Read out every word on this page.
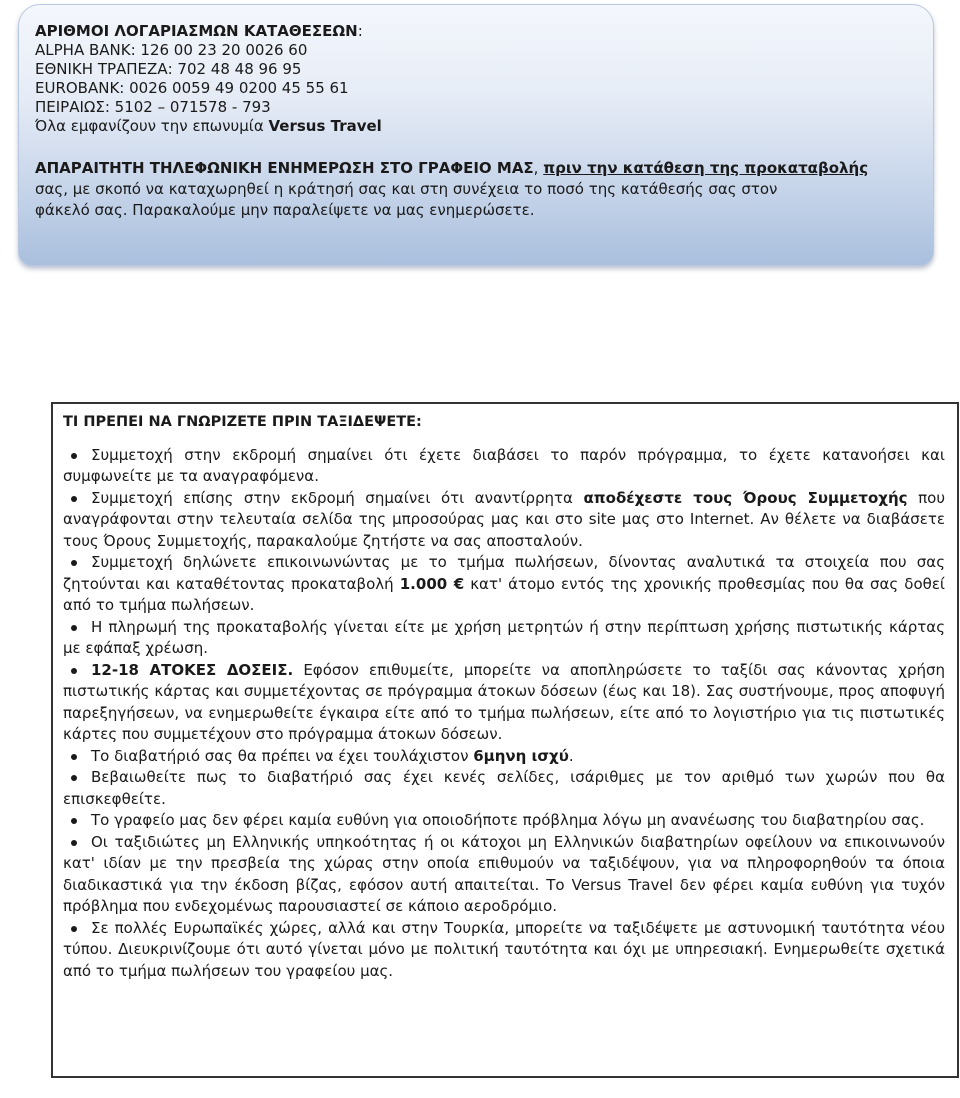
ΑΡΙΘΜΟΙ ΛΟΓΑΡΙΑΣΜΩΝ ΚΑΤΑΘΕΣΕΩΝ:
ALPHA BANK: 126 00 23 20 0026 60
ΕΘΝΙΚΗ ΤΡΑΠΕΖΑ: 702 48 48 96 95
EUROBANK: 0026 0059 49 0200 45 55 61
ΠΕΙΡΑΙΩΣ: 5102 – 071578 - 793
Όλα εμφανίζουν την επωνυμία Versus Travel
ΑΠΑΡΑΙΤΗΤΗ ΤΗΛΕΦΩΝΙΚΗ ΕΝΗΜΕΡΩΣΗ ΣΤΟ ΓΡΑΦΕΙΟ ΜΑΣ, πριν την κατάθεση της προκαταβολής
σας, με σκοπό να καταχωρηθεί η κράτησή σας και στη συνέχεια το ποσό της κατάθεσής σας στον
φάκελό σας. Παρακαλούμε μην παραλείψετε να μας ενημερώσετε.
ΤΙ ΠΡΕΠΕΙ ΝΑ ΓΝΩΡΙΖΕΤΕ ΠΡΙΝ ΤΑΞΙΔΕΨΕΤΕ:
Συμμετοχή στην εκδρομή σημαίνει ότι έχετε διαβάσει το παρόν πρόγραμμα, το έχετε κατανοήσει και συμφωνείτε με τα αναγραφόμενα.
Συμμετοχή επίσης στην εκδρομή σημαίνει ότι αναντίρρητα αποδέχεστε τους Όρους Συμμετοχής που αναγράφονται στην τελευταία σελίδα της μπροσούρας μας και στο site μας στο Internet. Αν θέλετε να διαβάσετε τους Όρους Συμμετοχής, παρακαλούμε ζητήστε να σας αποσταλούν.
Συμμετοχή δηλώνετε επικοινωνώντας με το τμήμα πωλήσεων, δίνοντας αναλυτικά τα στοιχεία που σας ζητούνται και καταθέτοντας προκαταβολή 1.000 € κατ' άτομο εντός της χρονικής προθεσμίας που θα σας δοθεί από το τμήμα πωλήσεων.
Η πληρωμή της προκαταβολής γίνεται είτε με χρήση μετρητών ή στην περίπτωση χρήσης πιστωτικής κάρτας με εφάπαξ χρέωση.
12-18 ΑΤΟΚΕΣ ΔΟΣΕΙΣ. Εφόσον επιθυμείτε, μπορείτε να αποπληρώσετε το ταξίδι σας κάνοντας χρήση πιστωτικής κάρτας και συμμετέχοντας σε πρόγραμμα άτοκων δόσεων (έως και 18). Σας συστήνουμε, προς αποφυγή παρεξηγήσεων, να ενημερωθείτε έγκαιρα είτε από το τμήμα πωλήσεων, είτε από το λογιστήριο για τις πιστωτικές κάρτες που συμμετέχουν στο πρόγραμμα άτοκων δόσεων.
Το διαβατήριό σας θα πρέπει να έχει τουλάχιστον 6μηνη ισχύ.
Βεβαιωθείτε πως το διαβατήριό σας έχει κενές σελίδες, ισάριθμες με τον αριθμό των χωρών που θα επισκεφθείτε.
Το γραφείο μας δεν φέρει καμία ευθύνη για οποιοδήποτε πρόβλημα λόγω μη ανανέωσης του διαβατηρίου σας.
Οι ταξιδιώτες μη Ελληνικής υπηκοότητας ή οι κάτοχοι μη Ελληνικών διαβατηρίων οφείλουν να επικοινωνούν κατ' ιδίαν με την πρεσβεία της χώρας στην οποία επιθυμούν να ταξιδέψουν, για να πληροφορηθούν τα όποια διαδικαστικά για την έκδοση βίζας, εφόσον αυτή απαιτείται. Το Versus Travel δεν φέρει καμία ευθύνη για τυχόν πρόβλημα που ενδεχομένως παρουσιαστεί σε κάποιο αεροδρόμιο.
Σε πολλές Ευρωπαϊκές χώρες, αλλά και στην Τουρκία, μπορείτε να ταξιδέψετε με αστυνομική ταυτότητα νέου τύπου. Διευκρινίζουμε ότι αυτό γίνεται μόνο με πολιτική ταυτότητα και όχι με υπηρεσιακή. Ενημερωθείτε σχετικά από το τμήμα πωλήσεων του γραφείου μας.
